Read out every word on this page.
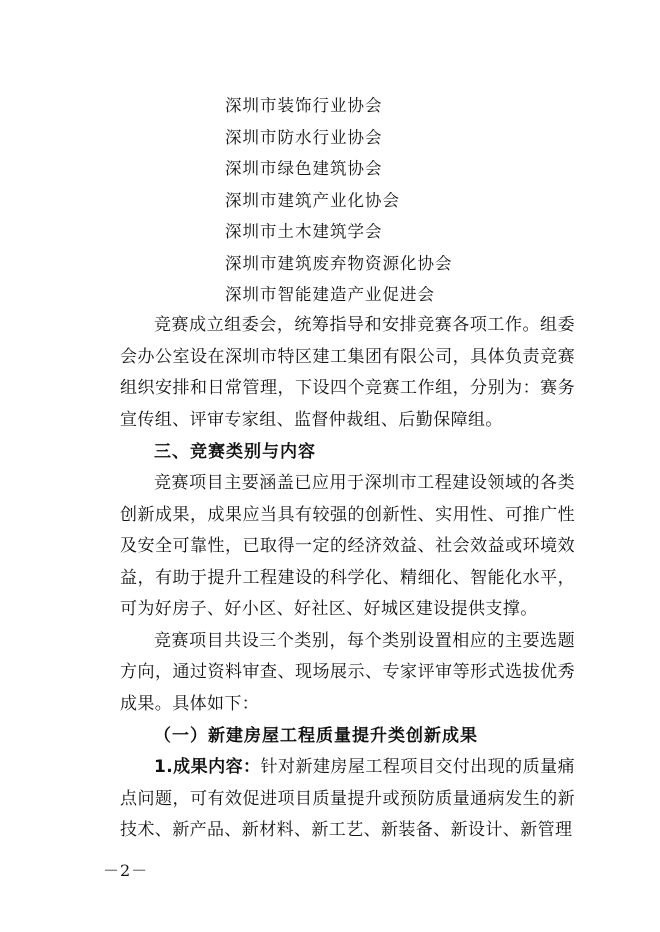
深圳市装饰行业协会
深圳市防水行业协会
深圳市绿色建筑协会
深圳市建筑产业化协会
深圳市土木建筑学会
深圳市建筑废弃物资源化协会
深圳市智能建造产业促进会

竞赛成立组委会，统筹指导和安排竞赛各项工作。组委会办公室设在深圳市特区建工集团有限公司，具体负责竞赛组织安排和日常管理，下设四个竞赛工作组，分别为：赛务宣传组、评审专家组、监督仲裁组、后勤保障组。

三、竞赛类别与内容

竞赛项目主要涵盖已应用于深圳市工程建设领域的各类创新成果，成果应当具有较强的创新性、实用性、可推广性及安全可靠性，已取得一定的经济效益、社会效益或环境效益，有助于提升工程建设的科学化、精细化、智能化水平，可为好房子、好小区、好社区、好城区建设提供支撑。

竞赛项目共设三个类别，每个类别设置相应的主要选题方向，通过资料审查、现场展示、专家评审等形式选拔优秀成果。具体如下：

（一）新建房屋工程质量提升类创新成果

1.成果内容：针对新建房屋工程项目交付出现的质量痛点问题，可有效促进项目质量提升或预防质量通病发生的新技术、新产品、新材料、新工艺、新装备、新设计、新管理

－2－
